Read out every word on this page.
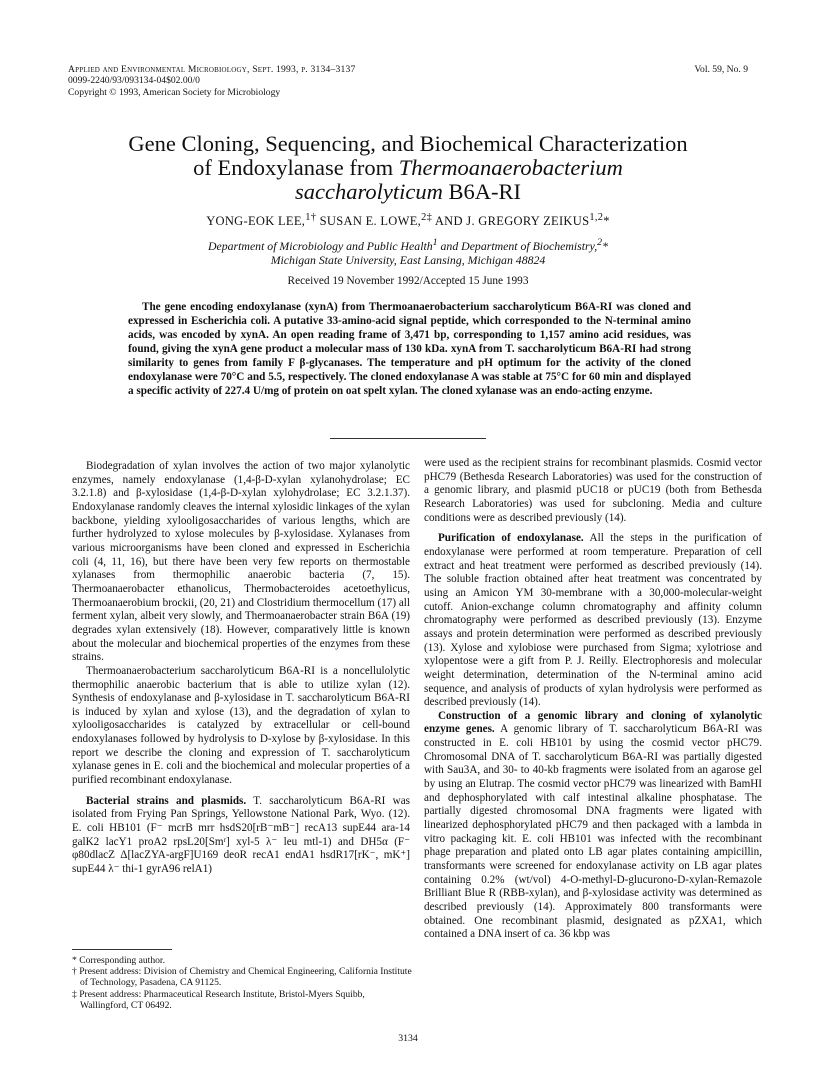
Applied and Environmental Microbiology, Sept. 1993, p. 3134–3137
0099-2240/93/093134-04$02.00/0
Copyright © 1993, American Society for Microbiology
Vol. 59, No. 9
Gene Cloning, Sequencing, and Biochemical Characterization
of Endoxylanase from Thermoanaerobacterium
saccharolyticum B6A-RI
YONG-EOK LEE,$^{1\dagger}$ SUSAN E. LOWE,$^{2\ddagger}$ AND J. GREGORY ZEIKUS$^{1,2}$*
Department of Microbiology and Public Health$^1$ and Department of Biochemistry,$^2$*
Michigan State University, East Lansing, Michigan 48824
Received 19 November 1992/Accepted 15 June 1993
The gene encoding endoxylanase (xynA) from Thermoanaerobacterium saccharolyticum B6A-RI was cloned and expressed in Escherichia coli. A putative 33-amino-acid signal peptide, which corresponded to the N-terminal amino acids, was encoded by xynA. An open reading frame of 3,471 bp, corresponding to 1,157 amino acid residues, was found, giving the xynA gene product a molecular mass of 130 kDa. xynA from T. saccharolyticum B6A-RI had strong similarity to genes from family F β-glycanases. The temperature and pH optimum for the activity of the cloned endoxylanase were 70°C and 5.5, respectively. The cloned endoxylanase A was stable at 75°C for 60 min and displayed a specific activity of 227.4 U/mg of protein on oat spelt xylan. The cloned xylanase was an endo-acting enzyme.

Biodegradation of xylan involves the action of two major xylanolytic enzymes, namely endoxylanase (1,4-β-D-xylan xylanohydrolase; EC 3.2.1.8) and β-xylosidase (1,4-β-D-xylan xylohydrolase; EC 3.2.1.37). Endoxylanase randomly cleaves the internal xylosidic linkages of the xylan backbone, yielding xylooligosaccharides of various lengths, which are further hydrolyzed to xylose molecules by β-xylosidase. Xylanases from various microorganisms have been cloned and expressed in Escherichia coli (4, 11, 16), but there have been very few reports on thermostable xylanases from thermophilic anaerobic bacteria (7, 15). Thermoanaerobacter ethanolicus, Thermobacteroides acetoethylicus, Thermoanaerobium brockii, (20, 21) and Clostridium thermocellum (17) all ferment xylan, albeit very slowly, and Thermoanaerobacter strain B6A (19) degrades xylan extensively (18). However, comparatively little is known about the molecular and biochemical properties of the enzymes from these strains.

Thermoanaerobacterium saccharolyticum B6A-RI is a noncellulolytic thermophilic anaerobic bacterium that is able to utilize xylan (12). Synthesis of endoxylanase and β-xylosidase in T. saccharolyticum B6A-RI is induced by xylan and xylose (13), and the degradation of xylan to xylooligosaccharides is catalyzed by extracellular or cell-bound endoxylanases followed by hydrolysis to D-xylose by β-xylosidase. In this report we describe the cloning and expression of T. saccharolyticum xylanase genes in E. coli and the biochemical and molecular properties of a purified recombinant endoxylanase.

Bacterial strains and plasmids. T. saccharolyticum B6A-RI was isolated from Frying Pan Springs, Yellowstone National Park, Wyo. (12). E. coli HB101 (F⁻ mcrB mrr hsdS20[rB⁻mB⁻] recA13 supE44 ara-14 galK2 lacY1 proA2 rpsL20[Smʳ] xyl-5 λ⁻ leu mtl-1) and DH5α (F⁻ φ80dlacZ Δ[lacZYA-argF]U169 deoR recA1 endA1 hsdR17[rK⁻, mK⁺] supE44 λ⁻ thi-1 gyrA96 relA1)

were used as the recipient strains for recombinant plasmids. Cosmid vector pHC79 (Bethesda Research Laboratories) was used for the construction of a genomic library, and plasmid pUC18 or pUC19 (both from Bethesda Research Laboratories) was used for subcloning. Media and culture conditions were as described previously (14).

Purification of endoxylanase. All the steps in the purification of endoxylanase were performed at room temperature. Preparation of cell extract and heat treatment were performed as described previously (14). The soluble fraction obtained after heat treatment was concentrated by using an Amicon YM 30-membrane with a 30,000-molecular-weight cutoff. Anion-exchange column chromatography and affinity column chromatography were performed as described previously (13). Enzyme assays and protein determination were performed as described previously (13). Xylose and xylobiose were purchased from Sigma; xylotriose and xylopentose were a gift from P. J. Reilly. Electrophoresis and molecular weight determination, determination of the N-terminal amino acid sequence, and analysis of products of xylan hydrolysis were performed as described previously (14).

Construction of a genomic library and cloning of xylanolytic enzyme genes. A genomic library of T. saccharolyticum B6A-RI was constructed in E. coli HB101 by using the cosmid vector pHC79. Chromosomal DNA of T. saccharolyticum B6A-RI was partially digested with Sau3A, and 30- to 40-kb fragments were isolated from an agarose gel by using an Elutrap. The cosmid vector pHC79 was linearized with BamHI and dephosphorylated with calf intestinal alkaline phosphatase. The partially digested chromosomal DNA fragments were ligated with linearized dephosphorylated pHC79 and then packaged with a lambda in vitro packaging kit. E. coli HB101 was infected with the recombinant phage preparation and plated onto LB agar plates containing ampicillin, transformants were screened for endoxylanase activity on LB agar plates containing 0.2% (wt/vol) 4-O-methyl-D-glucurono-D-xylan-Remazole Brilliant Blue R (RBB-xylan), and β-xylosidase activity was determined as described previously (14). Approximately 800 transformants were obtained. One recombinant plasmid, designated as pZXA1, which contained a DNA insert of ca. 36 kbp was

* Corresponding author.

† Present address: Division of Chemistry and Chemical Engineering, California Institute of Technology, Pasadena, CA 91125.

‡ Present address: Pharmaceutical Research Institute, Bristol-Myers Squibb, Wallingford, CT 06492.

3134
